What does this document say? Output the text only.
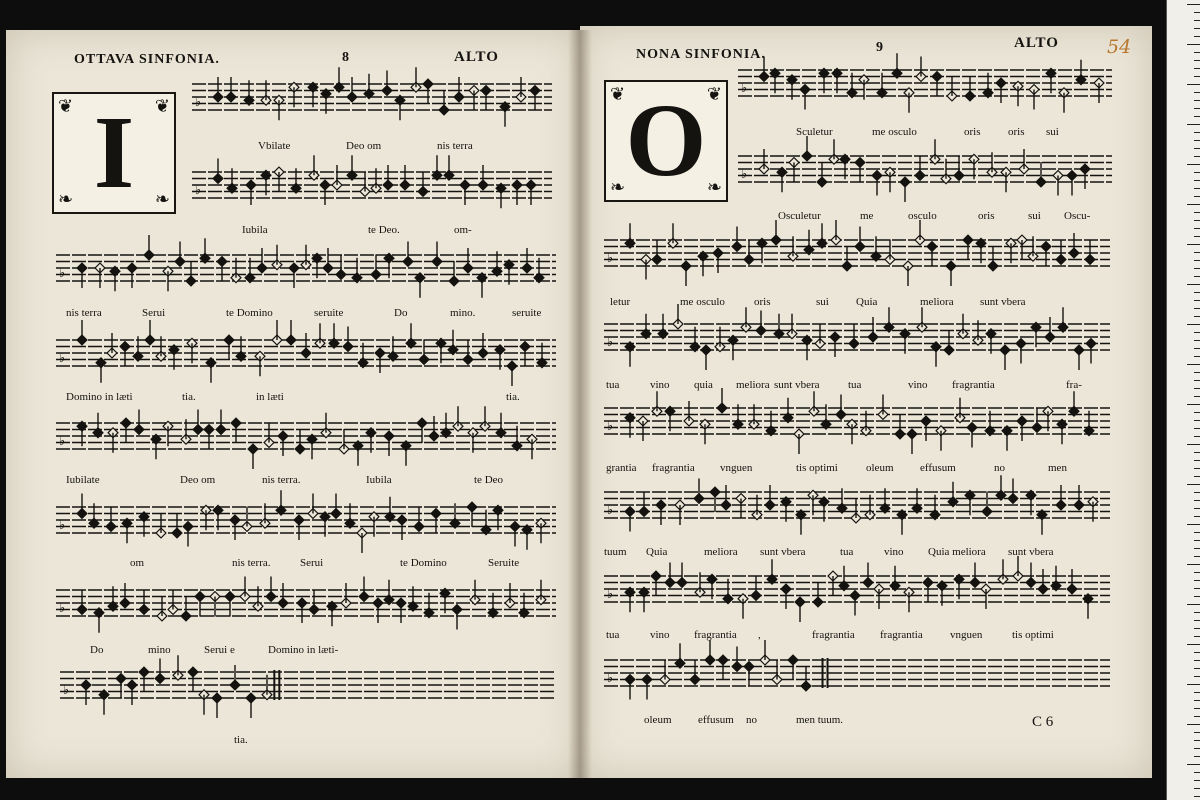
OTTAVA SINFONIA.	8	ALTO	NONA SINFONIA.	9	ALTO	54
❦	❦
❧	❧
I
❦	❦
❧	❧
O
♭
♭
♭
♭
♭
♭
♭
♭
♭
♭
♭
♭
♭
♭
♭
♭
Vbilate	Deo om	nis terra
Iubila	te Deo.	om-
nis terra	Serui	te Domino	seruite	Do	mino.	seruite
Domino in læti	tia.	in læti	tia.
Iubilate	Deo om	nis terra.	Iubila	te Deo
om	nis terra.	Serui	te Domino	Seruite
Do	mino	Serui e	Domino in læti-
tia.
Sculetur	me osculo	oris	oris sui
Osculetur	me	osculo	oris	sui Oscu-
letur	me osculo	oris	sui Quia	meliora sunt vbera
tua	vino quia meliora sunt vbera	tua	vino fragrantia	fra-
grantia fragrantia vnguen	tis optimi	oleum effusum	no	men
tuum Quia	meliora sunt vbera	tua	vino Quia meliora sunt vbera
tua	vino fragrantia ,	fragrantia fragrantia vnguen	tis optimi
oleum effusum no	men tuum.	C 6
